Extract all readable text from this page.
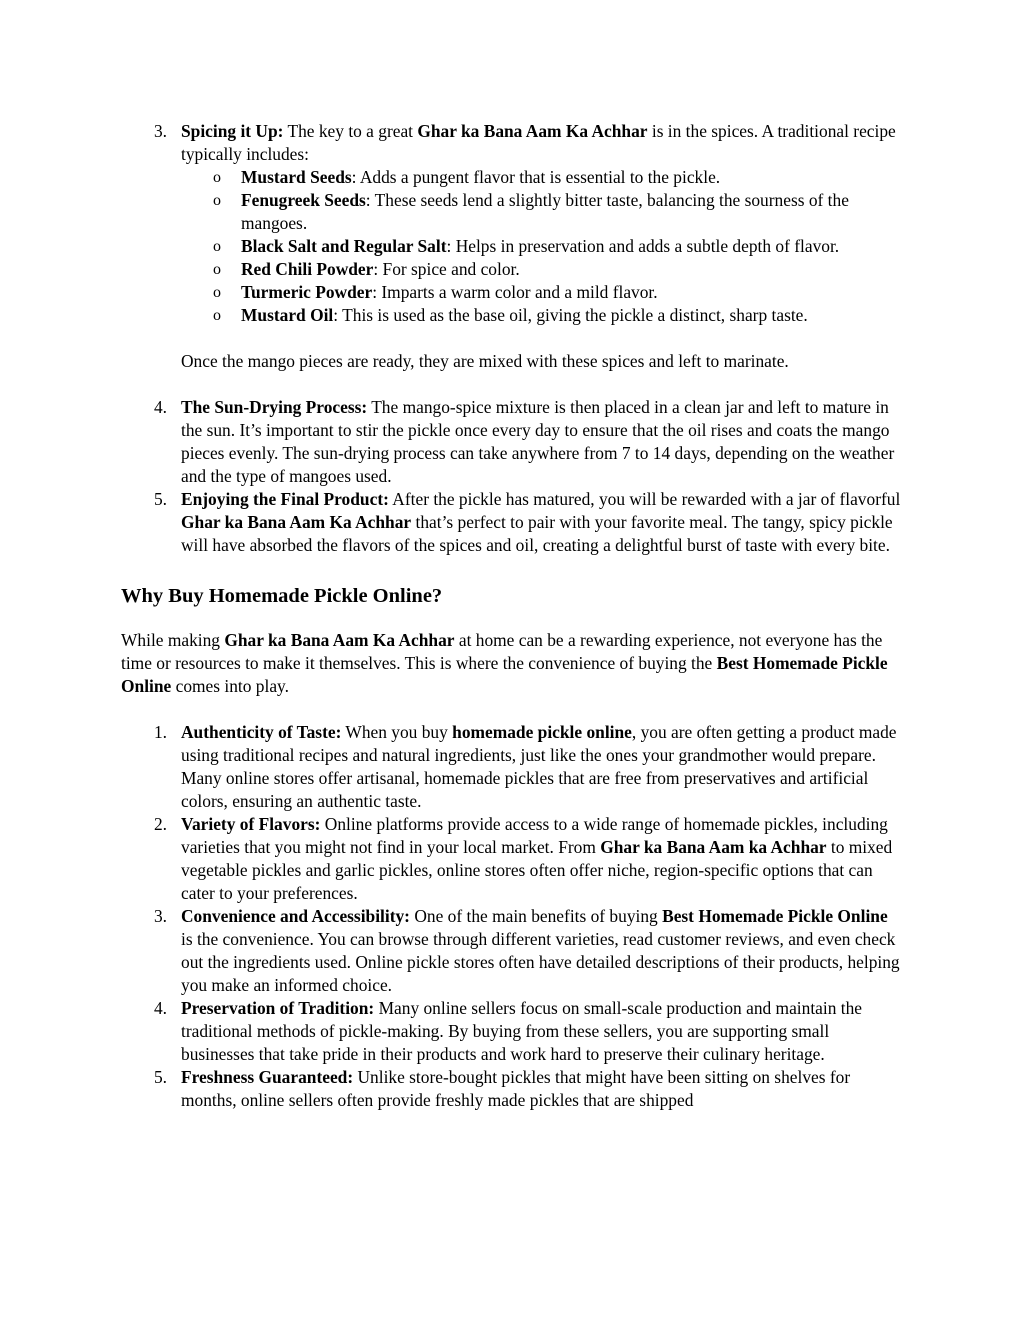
3. Spicing it Up: The key to a great Ghar ka Bana Aam Ka Achhar is in the spices. A traditional recipe typically includes:

o Mustard Seeds: Adds a pungent flavor that is essential to the pickle.
o Fenugreek Seeds: These seeds lend a slightly bitter taste, balancing the sourness of the mangoes.
o Black Salt and Regular Salt: Helps in preservation and adds a subtle depth of flavor.
o Red Chili Powder: For spice and color.
o Turmeric Powder: Imparts a warm color and a mild flavor.
o Mustard Oil: This is used as the base oil, giving the pickle a distinct, sharp taste.

Once the mango pieces are ready, they are mixed with these spices and left to marinate.

4. The Sun-Drying Process: The mango-spice mixture is then placed in a clean jar and left to mature in the sun. It’s important to stir the pickle once every day to ensure that the oil rises and coats the mango pieces evenly. The sun-drying process can take anywhere from 7 to 14 days, depending on the weather and the type of mangoes used.

5. Enjoying the Final Product: After the pickle has matured, you will be rewarded with a jar of flavorful Ghar ka Bana Aam Ka Achhar that’s perfect to pair with your favorite meal. The tangy, spicy pickle will have absorbed the flavors of the spices and oil, creating a delightful burst of taste with every bite.

Why Buy Homemade Pickle Online?

While making Ghar ka Bana Aam Ka Achhar at home can be a rewarding experience, not everyone has the time or resources to make it themselves. This is where the convenience of buying the Best Homemade Pickle Online comes into play.

1. Authenticity of Taste: When you buy homemade pickle online, you are often getting a product made using traditional recipes and natural ingredients, just like the ones your grandmother would prepare. Many online stores offer artisanal, homemade pickles that are free from preservatives and artificial colors, ensuring an authentic taste.

2. Variety of Flavors: Online platforms provide access to a wide range of homemade pickles, including varieties that you might not find in your local market. From Ghar ka Bana Aam ka Achhar to mixed vegetable pickles and garlic pickles, online stores often offer niche, region-specific options that can cater to your preferences.

3. Convenience and Accessibility: One of the main benefits of buying Best Homemade Pickle Online is the convenience. You can browse through different varieties, read customer reviews, and even check out the ingredients used. Online pickle stores often have detailed descriptions of their products, helping you make an informed choice.

4. Preservation of Tradition: Many online sellers focus on small-scale production and maintain the traditional methods of pickle-making. By buying from these sellers, you are supporting small businesses that take pride in their products and work hard to preserve their culinary heritage.

5. Freshness Guaranteed: Unlike store-bought pickles that might have been sitting on shelves for months, online sellers often provide freshly made pickles that are shipped
